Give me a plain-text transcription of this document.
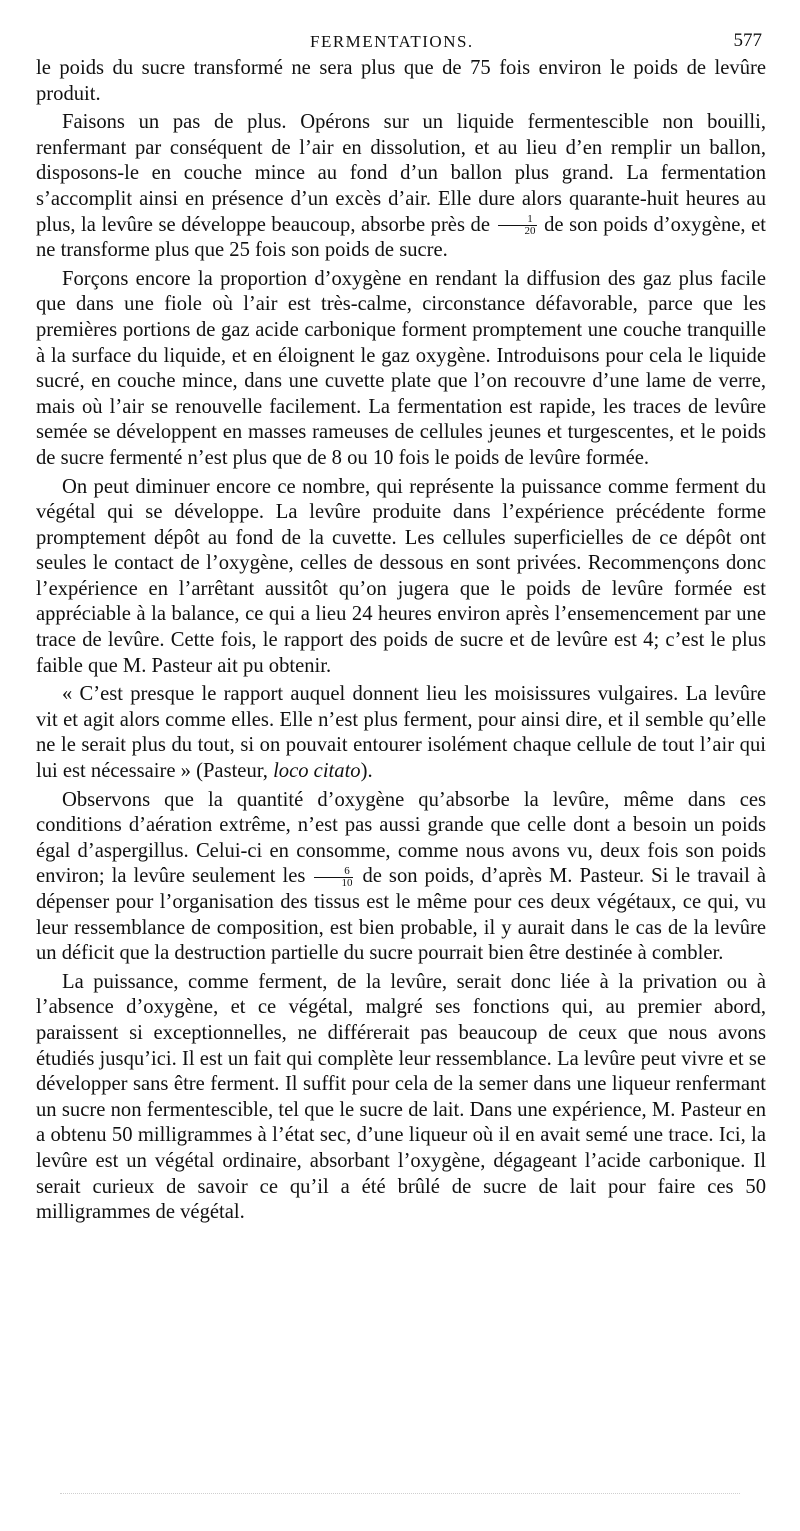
FERMENTATIONS.	577

le poids du sucre transformé ne sera plus que de 75 fois environ le poids de levûre produit.

Faisons un pas de plus. Opérons sur un liquide fermentescible non bouilli, renfermant par conséquent de l’air en dissolution, et au lieu d’en remplir un ballon, disposons-le en couche mince au fond d’un ballon plus grand. La fermentation s’accomplit ainsi en présence d’un excès d’air. Elle dure alors quarante-huit heures au plus, la levûre se développe beaucoup, absorbe près de $\frac{1}{20}$ de son poids d’oxygène, et ne transforme plus que 25 fois son poids de sucre.

Forçons encore la proportion d’oxygène en rendant la diffusion des gaz plus facile que dans une fiole où l’air est très-calme, circonstance défavorable, parce que les premières portions de gaz acide carbonique forment promptement une couche tranquille à la surface du liquide, et en éloignent le gaz oxygène. Introduisons pour cela le liquide sucré, en couche mince, dans une cuvette plate que l’on recouvre d’une lame de verre, mais où l’air se renouvelle facilement. La fermentation est rapide, les traces de levûre semée se développent en masses rameuses de cellules jeunes et turgescentes, et le poids de sucre fermenté n’est plus que de 8 ou 10 fois le poids de levûre formée.

On peut diminuer encore ce nombre, qui représente la puissance comme ferment du végétal qui se développe. La levûre produite dans l’expérience précédente forme promptement dépôt au fond de la cuvette. Les cellules superficielles de ce dépôt ont seules le contact de l’oxygène, celles de dessous en sont privées. Recommençons donc l’expérience en l’arrêtant aussitôt qu’on jugera que le poids de levûre formée est appréciable à la balance, ce qui a lieu 24 heures environ après l’ensemencement par une trace de levûre. Cette fois, le rapport des poids de sucre et de levûre est 4; c’est le plus faible que M. Pasteur ait pu obtenir.

« C’est presque le rapport auquel donnent lieu les moisissures vulgaires. La levûre vit et agit alors comme elles. Elle n’est plus ferment, pour ainsi dire, et il semble qu’elle ne le serait plus du tout, si on pouvait entourer isolément chaque cellule de tout l’air qui lui est nécessaire » (Pasteur, loco citato).

Observons que la quantité d’oxygène qu’absorbe la levûre, même dans ces conditions d’aération extrême, n’est pas aussi grande que celle dont a besoin un poids égal d’aspergillus. Celui-ci en consomme, comme nous avons vu, deux fois son poids environ; la levûre seulement les $\frac{6}{10}$ de son poids, d’après M. Pasteur. Si le travail à dépenser pour l’organisation des tissus est le même pour ces deux végétaux, ce qui, vu leur ressemblance de composition, est bien probable, il y aurait dans le cas de la levûre un déficit que la destruction partielle du sucre pourrait bien être destinée à combler.

La puissance, comme ferment, de la levûre, serait donc liée à la privation ou à l’absence d’oxygène, et ce végétal, malgré ses fonctions qui, au premier abord, paraissent si exceptionnelles, ne différerait pas beaucoup de ceux que nous avons étudiés jusqu’ici. Il est un fait qui complète leur ressemblance. La levûre peut vivre et se développer sans être ferment. Il suffit pour cela de la semer dans une liqueur renfermant un sucre non fermentescible, tel que le sucre de lait. Dans une expérience, M. Pasteur en a obtenu 50 milligrammes à l’état sec, d’une liqueur où il en avait semé une trace. Ici, la levûre est un végétal ordinaire, absorbant l’oxygène, dégageant l’acide carbonique. Il serait curieux de savoir ce qu’il a été brûlé de sucre de lait pour faire ces 50 milligrammes de végétal.
